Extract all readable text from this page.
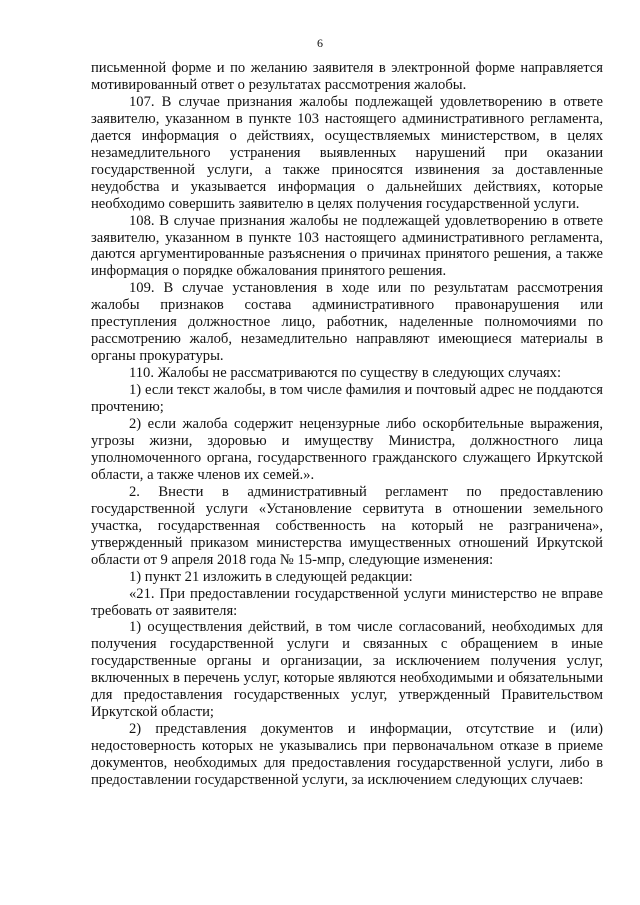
6

письменной форме и по желанию заявителя в электронной форме направляется мотивированный ответ о результатах рассмотрения жалобы.

107. В случае признания жалобы подлежащей удовлетворению в ответе заявителю, указанном в пункте 103 настоящего административного регламента, дается информация о действиях, осуществляемых министерством, в целях незамедлительного устранения выявленных нарушений при оказании государственной услуги, а также приносятся извинения за доставленные неудобства и указывается информация о дальнейших действиях, которые необходимо совершить заявителю в целях получения государственной услуги.

108. В случае признания жалобы не подлежащей удовлетворению в ответе заявителю, указанном в пункте 103 настоящего административного регламента, даются аргументированные разъяснения о причинах принятого решения, а также информация о порядке обжалования принятого решения.

109. В случае установления в ходе или по результатам рассмотрения жалобы признаков состава административного правонарушения или преступления должностное лицо, работник, наделенные полномочиями по рассмотрению жалоб, незамедлительно направляют имеющиеся материалы в органы прокуратуры.

110. Жалобы не рассматриваются по существу в следующих случаях:

1) если текст жалобы, в том числе фамилия и почтовый адрес не поддаются прочтению;

2) если жалоба содержит нецензурные либо оскорбительные выражения, угрозы жизни, здоровью и имуществу Министра, должностного лица уполномоченного органа, государственного гражданского служащего Иркутской области, а также членов их семей.».

2. Внести в административный регламент по предоставлению государственной услуги «Установление сервитута в отношении земельного участка, государственная собственность на который не разграничена», утвержденный приказом министерства имущественных отношений Иркутской области от 9 апреля 2018 года № 15-мпр, следующие изменения:

1) пункт 21 изложить в следующей редакции:

«21. При предоставлении государственной услуги министерство не вправе требовать от заявителя:

1) осуществления действий, в том числе согласований, необходимых для получения государственной услуги и связанных с обращением в иные государственные органы и организации, за исключением получения услуг, включенных в перечень услуг, которые являются необходимыми и обязательными для предоставления государственных услуг, утвержденный Правительством Иркутской области;

2) представления документов и информации, отсутствие и (или) недостоверность которых не указывались при первоначальном отказе в приеме документов, необходимых для предоставления государственной услуги, либо в предоставлении государственной услуги, за исключением следующих случаев:
